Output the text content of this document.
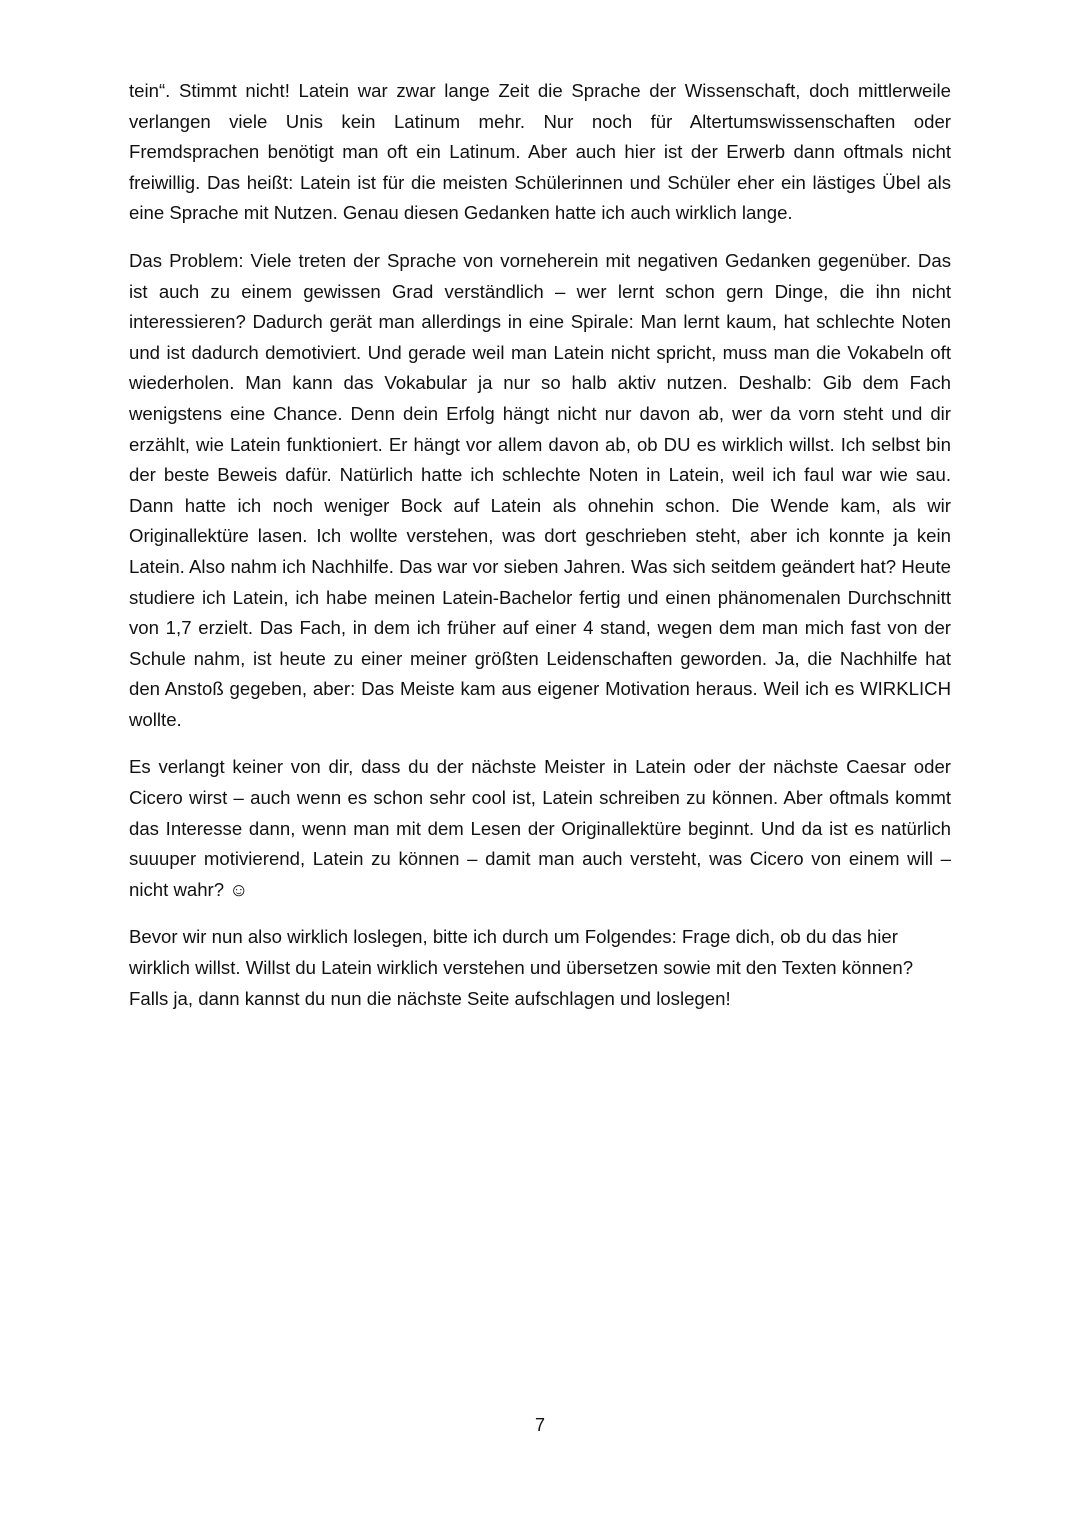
tein“. Stimmt nicht! Latein war zwar lange Zeit die Sprache der Wissenschaft, doch mittlerweile verlangen viele Unis kein Latinum mehr. Nur noch für Altertumswissenschaften oder Fremdsprachen benötigt man oft ein Latinum. Aber auch hier ist der Erwerb dann oftmals nicht freiwillig. Das heißt: Latein ist für die meisten Schülerinnen und Schüler eher ein lästiges Übel als eine Sprache mit Nutzen. Genau diesen Gedanken hatte ich auch wirklich lange.

Das Problem: Viele treten der Sprache von vorneherein mit negativen Gedanken gegenüber. Das ist auch zu einem gewissen Grad verständlich – wer lernt schon gern Dinge, die ihn nicht interessieren? Dadurch gerät man allerdings in eine Spirale: Man lernt kaum, hat schlechte Noten und ist dadurch demotiviert. Und gerade weil man Latein nicht spricht, muss man die Vokabeln oft wiederholen. Man kann das Vokabular ja nur so halb aktiv nutzen. Deshalb: Gib dem Fach wenigstens eine Chance. Denn dein Erfolg hängt nicht nur davon ab, wer da vorn steht und dir erzählt, wie Latein funktioniert. Er hängt vor allem davon ab, ob DU es wirklich willst. Ich selbst bin der beste Beweis dafür. Natürlich hatte ich schlechte Noten in Latein, weil ich faul war wie sau. Dann hatte ich noch weniger Bock auf Latein als ohnehin schon. Die Wende kam, als wir Originallektüre lasen. Ich wollte verstehen, was dort geschrieben steht, aber ich konnte ja kein Latein. Also nahm ich Nachhilfe. Das war vor sieben Jahren. Was sich seitdem geändert hat? Heute studiere ich Latein, ich habe meinen Latein-Bachelor fertig und einen phänomenalen Durchschnitt von 1,7 erzielt. Das Fach, in dem ich früher auf einer 4 stand, wegen dem man mich fast von der Schule nahm, ist heute zu einer meiner größten Leidenschaften geworden. Ja, die Nachhilfe hat den Anstoß gegeben, aber: Das Meiste kam aus eigener Motivation heraus. Weil ich es WIRKLICH wollte.

Es verlangt keiner von dir, dass du der nächste Meister in Latein oder der nächste Caesar oder Cicero wirst – auch wenn es schon sehr cool ist, Latein schreiben zu können. Aber oftmals kommt das Interesse dann, wenn man mit dem Lesen der Originallektüre beginnt. Und da ist es natürlich suuuper motivierend, Latein zu können – damit man auch versteht, was Cicero von einem will – nicht wahr? ☺

Bevor wir nun also wirklich loslegen, bitte ich durch um Folgendes: Frage dich, ob du das hier wirklich willst. Willst du Latein wirklich verstehen und übersetzen sowie mit den Texten können? Falls ja, dann kannst du nun die nächste Seite aufschlagen und loslegen!

7
